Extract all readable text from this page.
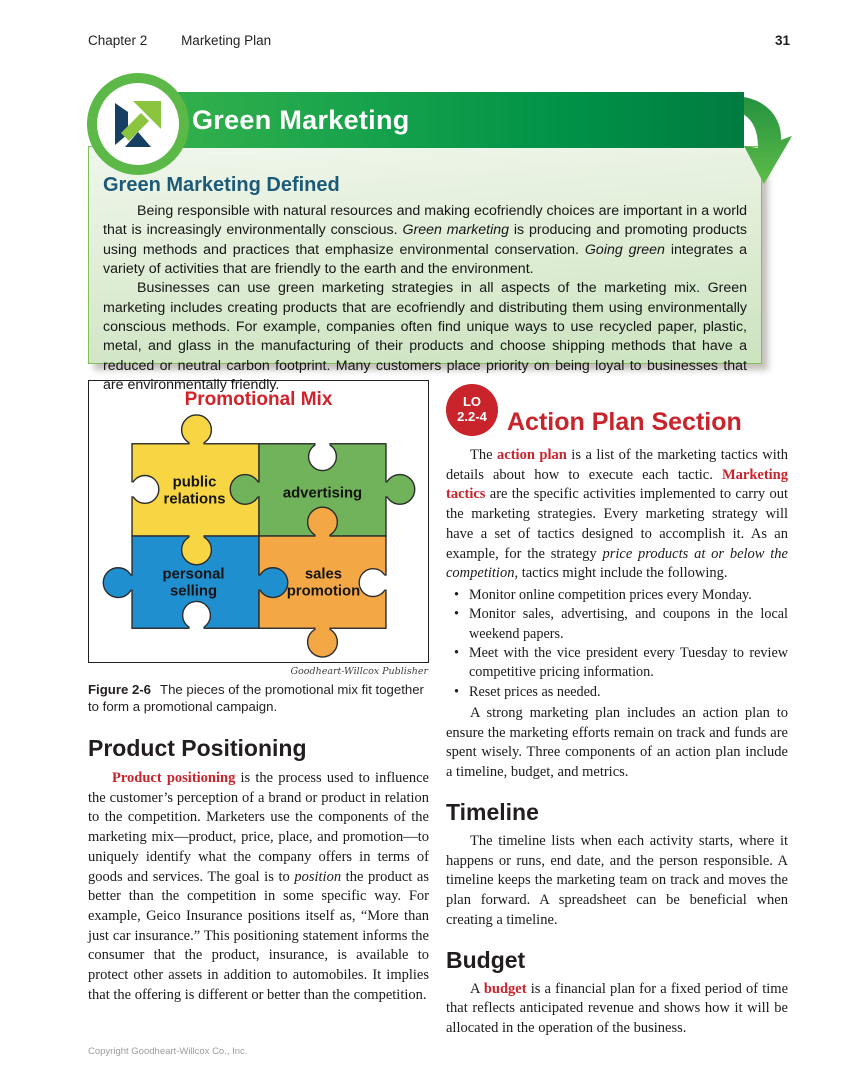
Chapter 2	Marketing Plan	31
Green Marketing Defined

Being responsible with natural resources and making ecofriendly choices are important in a world that is increasingly environmentally conscious. Green marketing is producing and promoting products using methods and practices that emphasize environmental conservation. Going green integrates a variety of activities that are friendly to the earth and the environment.

Businesses can use green marketing strategies in all aspects of the marketing mix. Green marketing includes creating products that are ecofriendly and distributing them using environmentally conscious methods. For example, companies often find unique ways to use recycled paper, plastic, metal, and glass in the manufacturing of their products and choose shipping methods that have a reduced or neutral carbon footprint. Many customers place priority on being loyal to businesses that are environmentally friendly.

Green Marketing
Promotional Mix
public
relations	advertising
personal
selling
sales
promotion
Goodheart-Willcox Publisher
Figure 2-6 The pieces of the promotional mix fit together to form a promotional campaign.
Product Positioning

Product positioning is the process used to influence the customer’s perception of a brand or product in relation to the competition. Marketers use the components of the marketing mix—product, price, place, and promotion—to uniquely identify what the company offers in terms of goods and services. The goal is to position the product as better than the competition in some specific way. For example, Geico Insurance positions itself as, “More than just car insurance.” This positioning statement informs the consumer that the product, insurance, is available to protect other assets in addition to automobiles. It implies that the offering is different or better than the competition.

LO
2.2-4 Action Plan Section

The action plan is a list of the marketing tactics with details about how to execute each tactic. Marketing tactics are the specific activities implemented to carry out the marketing strategies. Every marketing strategy will have a set of tactics designed to accomplish it. As an example, for the strategy price products at or below the competition, tactics might include the following.

• Monitor online competition prices every Monday.
• Monitor sales, advertising, and coupons in the local weekend papers.
• Meet with the vice president every Tuesday to review competitive pricing information.
• Reset prices as needed.

A strong marketing plan includes an action plan to ensure the marketing efforts remain on track and funds are spent wisely. Three components of an action plan include a timeline, budget, and metrics.

Timeline

The timeline lists when each activity starts, where it happens or runs, end date, and the person responsible. A timeline keeps the marketing team on track and moves the plan forward. A spreadsheet can be beneficial when creating a timeline.

Budget

A budget is a financial plan for a fixed period of time that reflects anticipated revenue and shows how it will be allocated in the operation of the business.

Copyright Goodheart-Willcox Co., Inc.
